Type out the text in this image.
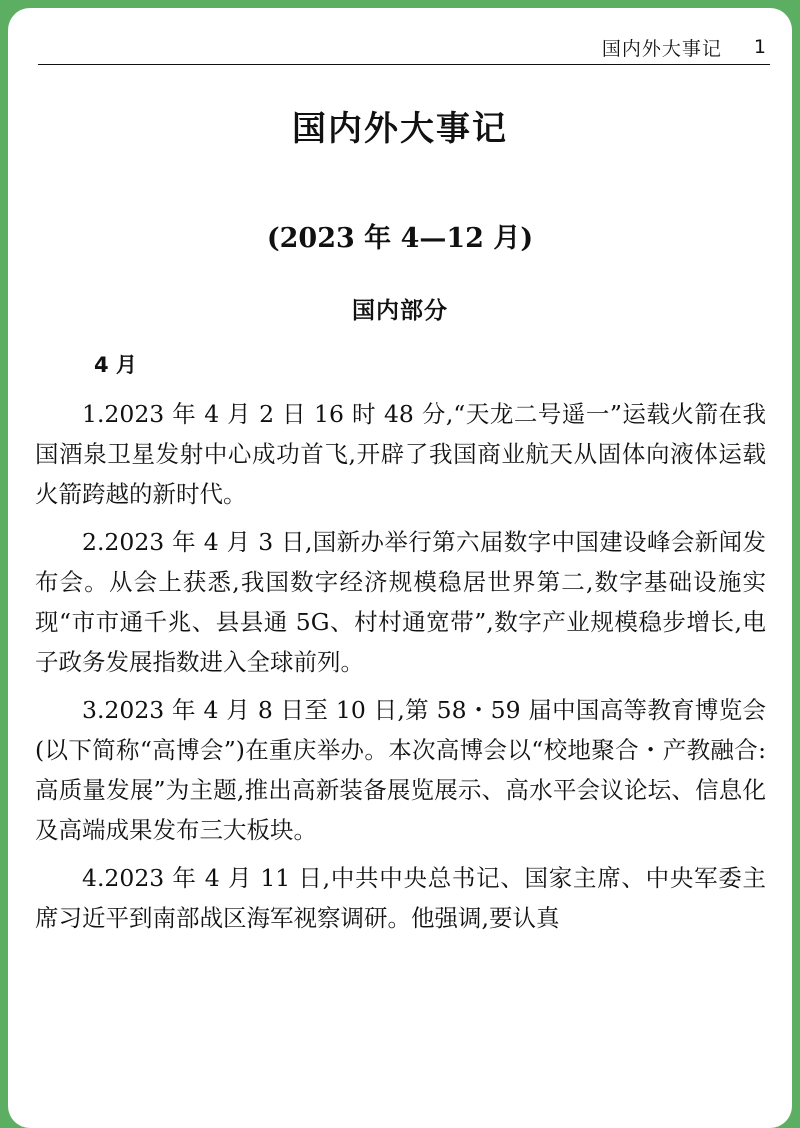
国内外大事记 1
国内外大事记
(2023 年 4—12 月)
国内部分
4 月

1.2023 年 4 月 2 日 16 时 48 分,“天龙二号遥一”运载火箭在我国酒泉卫星发射中心成功首飞,开辟了我国商业航天从固体向液体运载火箭跨越的新时代。

2.2023 年 4 月 3 日,国新办举行第六届数字中国建设峰会新闻发布会。从会上获悉,我国数字经济规模稳居世界第二,数字基础设施实现“市市通千兆、县县通 5G、村村通宽带”,数字产业规模稳步增长,电子政务发展指数进入全球前列。

3.2023 年 4 月 8 日至 10 日,第 58・59 届中国高等教育博览会(以下简称“高博会”)在重庆举办。本次高博会以“校地聚合・产教融合:高质量发展”为主题,推出高新装备展览展示、高水平会议论坛、信息化及高端成果发布三大板块。

4.2023 年 4 月 11 日,中共中央总书记、国家主席、中央军委主席习近平到南部战区海军视察调研。他强调,要认真
